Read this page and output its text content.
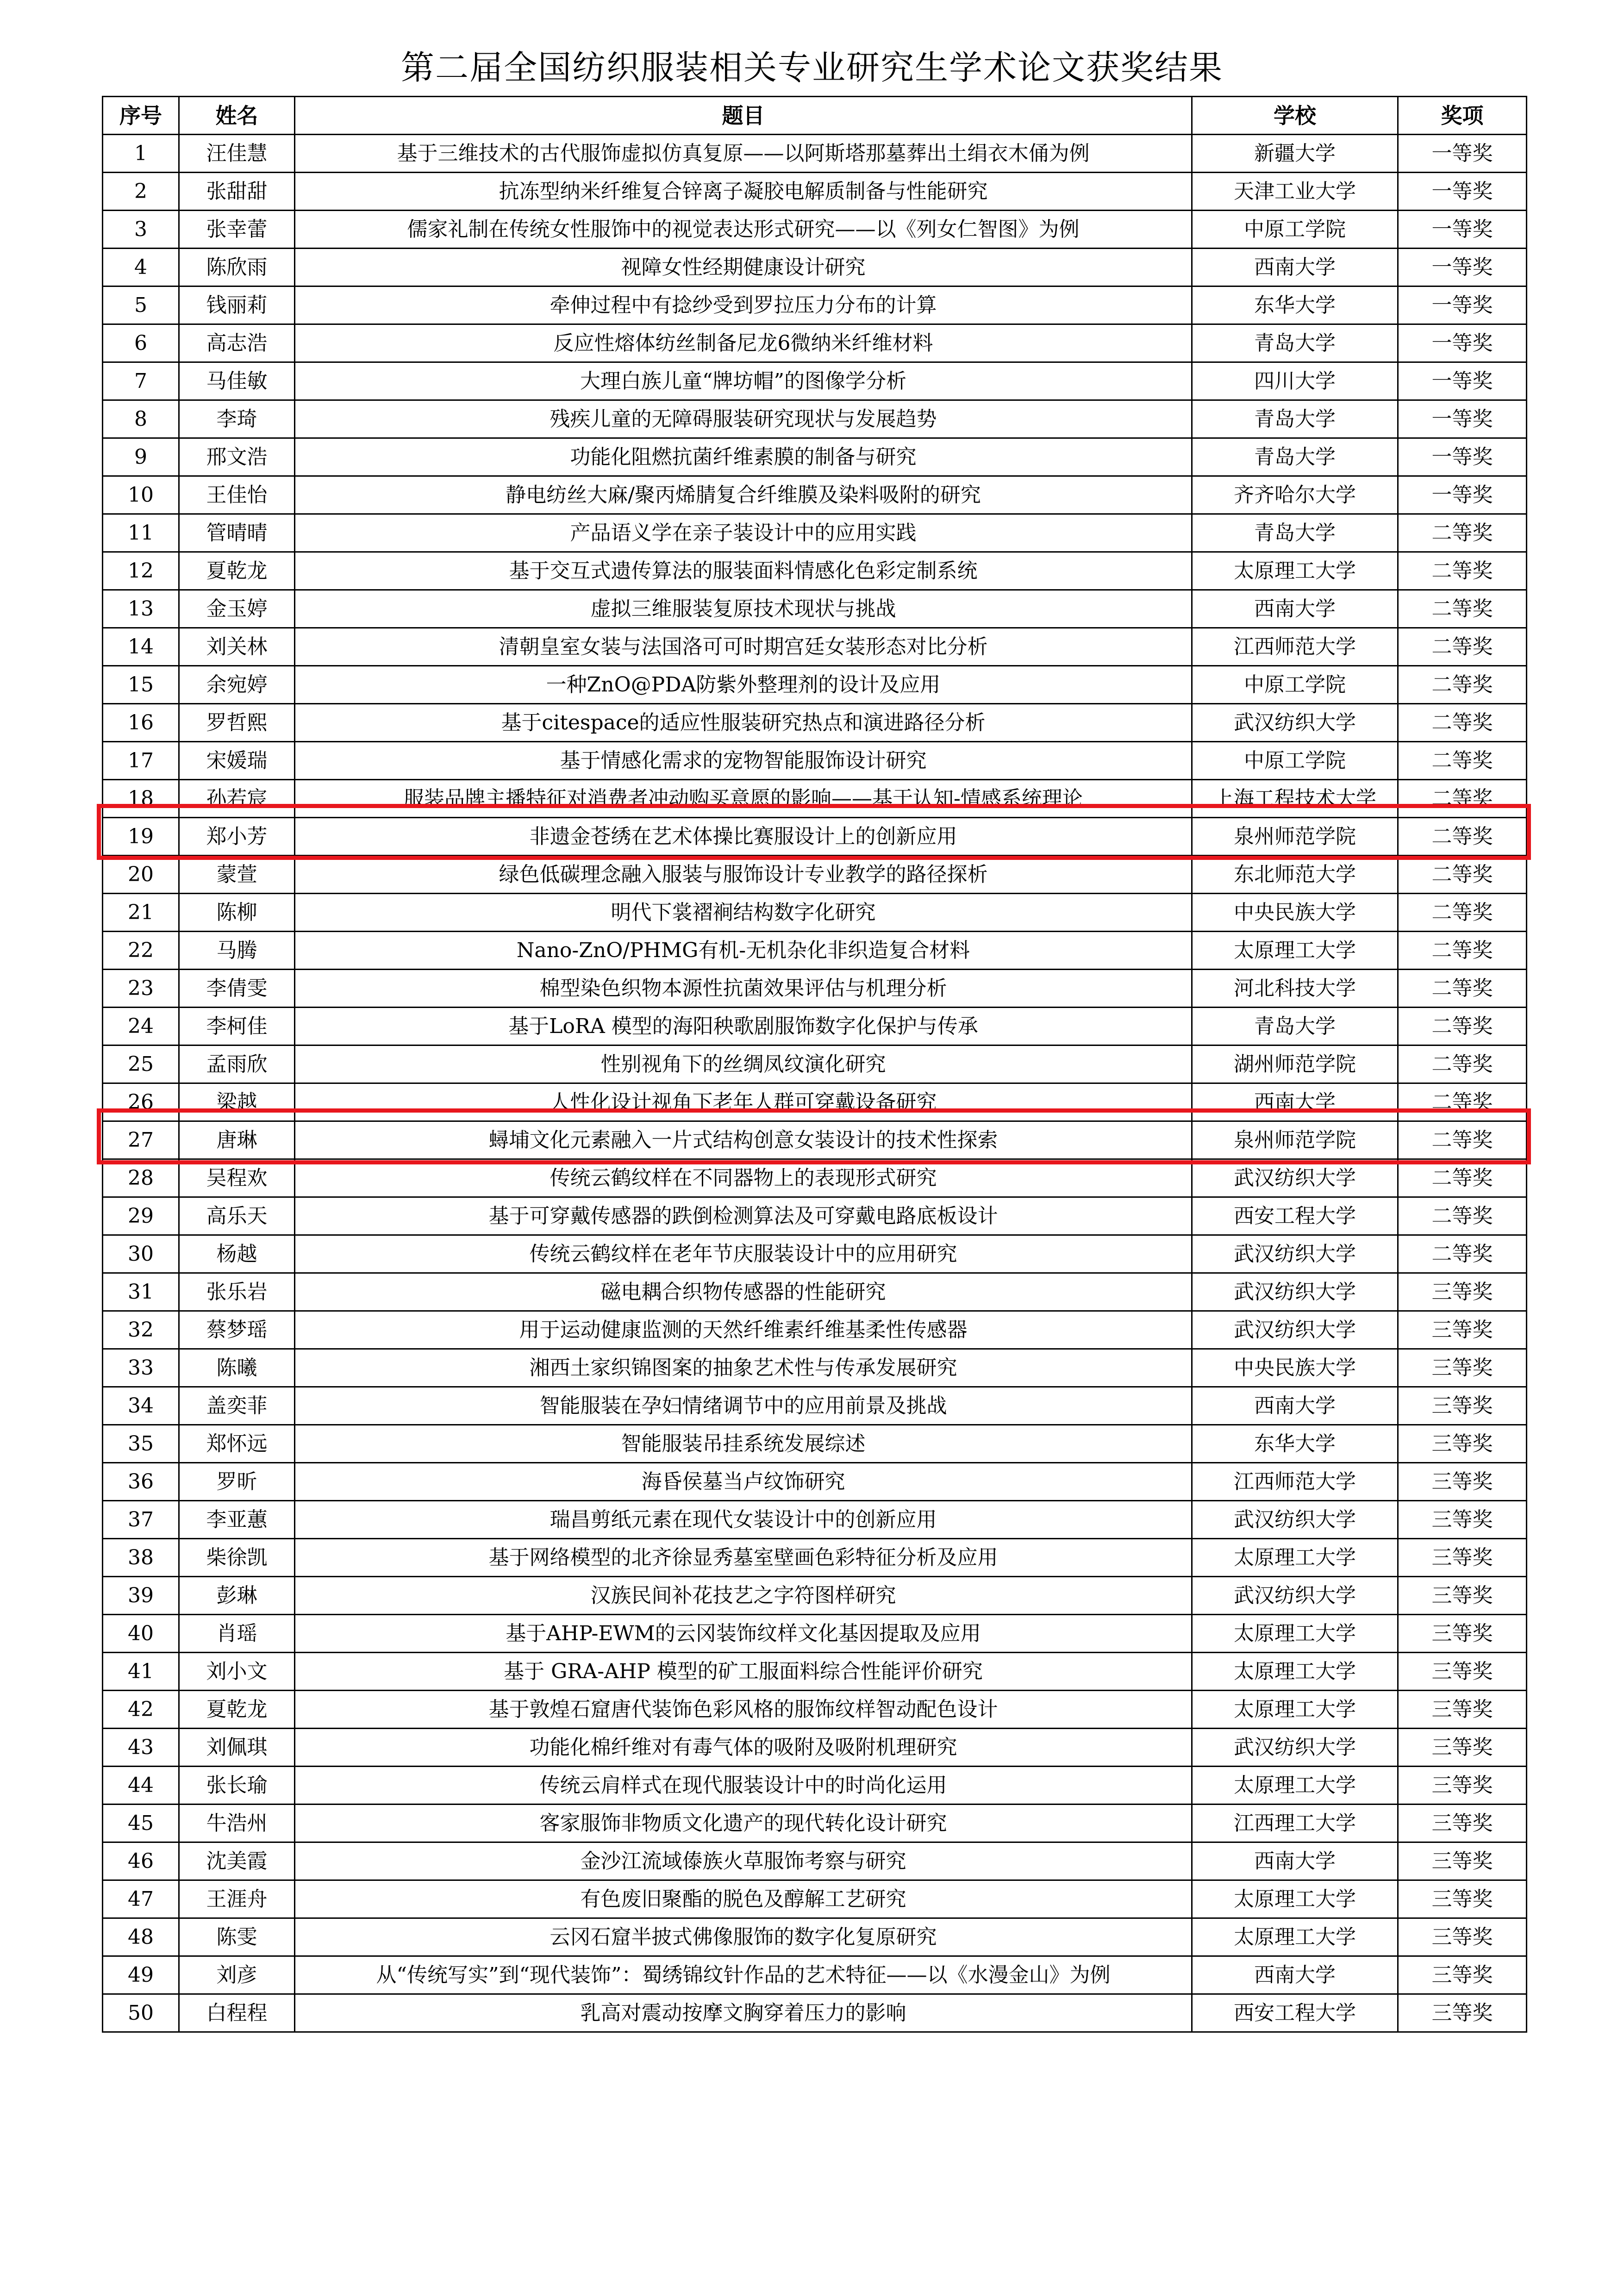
第二届全国纺织服装相关专业研究生学术论文获奖结果
序号	姓名	题目	学校	奖项
1	汪佳慧	基于三维技术的古代服饰虚拟仿真复原——以阿斯塔那墓葬出土绢衣木俑为例	新疆大学	一等奖
2	张甜甜	抗冻型纳米纤维复合锌离子凝胶电解质制备与性能研究	天津工业大学	一等奖
3	张幸蕾	儒家礼制在传统女性服饰中的视觉表达形式研究——以《列女仁智图》为例	中原工学院	一等奖
4	陈欣雨	视障女性经期健康设计研究	西南大学	一等奖
5	钱丽莉	牵伸过程中有捻纱受到罗拉压力分布的计算	东华大学	一等奖
6	高志浩	反应性熔体纺丝制备尼龙6微纳米纤维材料	青岛大学	一等奖
7	马佳敏	大理白族儿童“牌坊帽”的图像学分析	四川大学	一等奖
8	李琦	残疾儿童的无障碍服装研究现状与发展趋势	青岛大学	一等奖
9	邢文浩	功能化阻燃抗菌纤维素膜的制备与研究	青岛大学	一等奖
10	王佳怡	静电纺丝大麻/聚丙烯腈复合纤维膜及染料吸附的研究	齐齐哈尔大学	一等奖
11	管晴晴	产品语义学在亲子装设计中的应用实践	青岛大学	二等奖
12	夏乾龙	基于交互式遗传算法的服装面料情感化色彩定制系统	太原理工大学	二等奖
13	金玉婷	虚拟三维服装复原技术现状与挑战	西南大学	二等奖
14	刘关林	清朝皇室女装与法国洛可可时期宫廷女装形态对比分析	江西师范大学	二等奖
15	余宛婷	一种ZnO@PDA防紫外整理剂的设计及应用	中原工学院	二等奖
16	罗哲熙	基于citespace的适应性服装研究热点和演进路径分析	武汉纺织大学	二等奖
17	宋媛瑞	基于情感化需求的宠物智能服饰设计研究	中原工学院	二等奖
18	孙若宸	服装品牌主播特征对消费者冲动购买意愿的影响——基于认知-情感系统理论	上海工程技术大学	二等奖
19	郑小芳	非遗金苍绣在艺术体操比赛服设计上的创新应用	泉州师范学院	二等奖
20	蒙萱	绿色低碳理念融入服装与服饰设计专业教学的路径探析	东北师范大学	二等奖
21	陈柳	明代下裳褶裥结构数字化研究	中央民族大学	二等奖
22	马腾	Nano-ZnO/PHMG有机-无机杂化非织造复合材料	太原理工大学	二等奖
23	李倩雯	棉型染色织物本源性抗菌效果评估与机理分析	河北科技大学	二等奖
24	李柯佳	基于LoRA 模型的海阳秧歌剧服饰数字化保护与传承	青岛大学	二等奖
25	孟雨欣	性别视角下的丝绸凤纹演化研究	湖州师范学院	二等奖
26	梁越	人性化设计视角下老年人群可穿戴设备研究	西南大学	二等奖
27	唐琳	蟳埔文化元素融入一片式结构创意女装设计的技术性探索	泉州师范学院	二等奖
28	吴程欢	传统云鹤纹样在不同器物上的表现形式研究	武汉纺织大学	二等奖
29	高乐天	基于可穿戴传感器的跌倒检测算法及可穿戴电路底板设计	西安工程大学	二等奖
30	杨越	传统云鹤纹样在老年节庆服装设计中的应用研究	武汉纺织大学	二等奖
31	张乐岩	磁电耦合织物传感器的性能研究	武汉纺织大学	三等奖
32	蔡梦瑶	用于运动健康监测的天然纤维素纤维基柔性传感器	武汉纺织大学	三等奖
33	陈曦	湘西土家织锦图案的抽象艺术性与传承发展研究	中央民族大学	三等奖
34	盖奕菲	智能服装在孕妇情绪调节中的应用前景及挑战	西南大学	三等奖
35	郑怀远	智能服装吊挂系统发展综述	东华大学	三等奖
36	罗昕	海昏侯墓当卢纹饰研究	江西师范大学	三等奖
37	李亚蕙	瑞昌剪纸元素在现代女装设计中的创新应用	武汉纺织大学	三等奖
38	柴徐凯	基于网络模型的北齐徐显秀墓室壁画色彩特征分析及应用	太原理工大学	三等奖
39	彭琳	汉族民间补花技艺之字符图样研究	武汉纺织大学	三等奖
40	肖瑶	基于AHP-EWM的云冈装饰纹样文化基因提取及应用	太原理工大学	三等奖
41	刘小文	基于 GRA-AHP 模型的矿工服面料综合性能评价研究	太原理工大学	三等奖
42	夏乾龙	基于敦煌石窟唐代装饰色彩风格的服饰纹样智动配色设计	太原理工大学	三等奖
43	刘佩琪	功能化棉纤维对有毒气体的吸附及吸附机理研究	武汉纺织大学	三等奖
44	张长瑜	传统云肩样式在现代服装设计中的时尚化运用	太原理工大学	三等奖
45	牛浩州	客家服饰非物质文化遗产的现代转化设计研究	江西理工大学	三等奖
46	沈美霞	金沙江流域傣族火草服饰考察与研究	西南大学	三等奖
47	王涯舟	有色废旧聚酯的脱色及醇解工艺研究	太原理工大学	三等奖
48	陈雯	云冈石窟半披式佛像服饰的数字化复原研究	太原理工大学	三等奖
49	刘彦	从“传统写实”到“现代装饰”：蜀绣锦纹针作品的艺术特征——以《水漫金山》为例	西南大学	三等奖
50	白程程	乳高对震动按摩文胸穿着压力的影响	西安工程大学	三等奖
